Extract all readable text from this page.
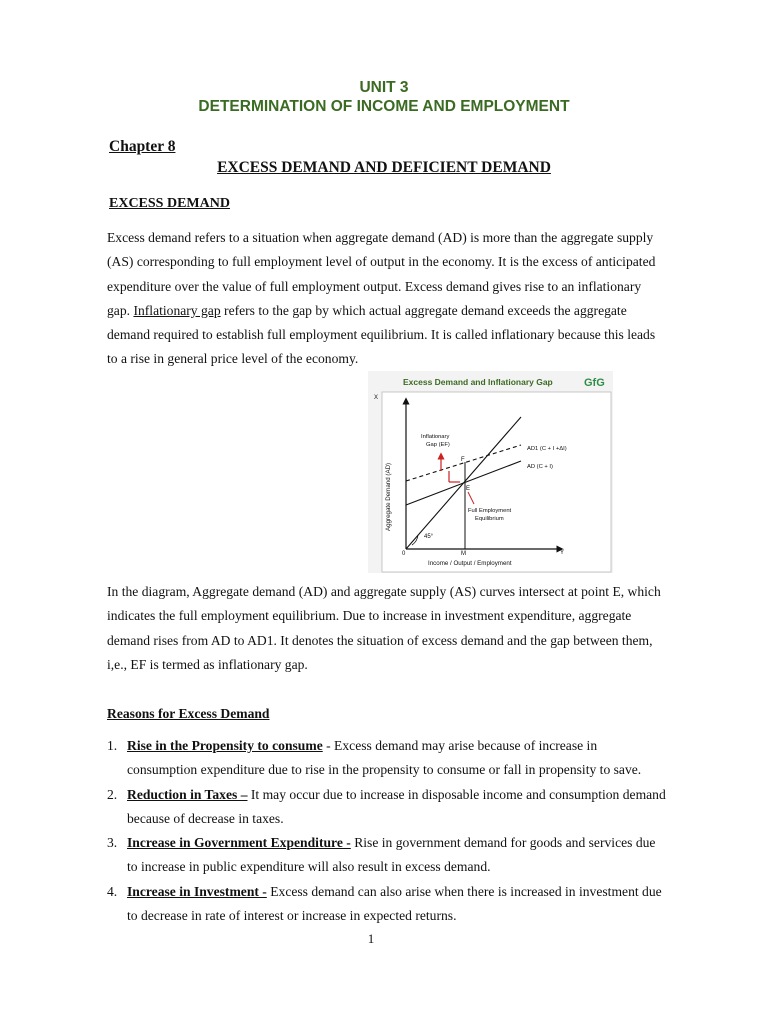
UNIT 3
DETERMINATION OF INCOME AND EMPLOYMENT
Chapter 8
EXCESS DEMAND AND DEFICIENT DEMAND
EXCESS DEMAND
Excess demand refers to a situation when aggregate demand (AD) is more than the aggregate supply (AS) corresponding to full employment level of output in the economy. It is the excess of anticipated expenditure over the value of full employment output. Excess demand gives rise to an inflationary gap. Inflationary gap refers to the gap by which actual aggregate demand exceeds the aggregate demand required to establish full employment equilibrium. It is called inflationary because this leads to a rise in general price level of the economy.
Excess Demand and Inflationary Gap	GfG
X
Y
0
Income / Output / Employment
Aggregate Demand (AD)
45°
Inflationary
Gap (EF)
F
E
M
AD1 (C + I +ΔI)
AD (C + I)
Full Employment
Equilibrium
In the diagram, Aggregate demand (AD) and aggregate supply (AS) curves intersect at point E, which indicates the full employment equilibrium. Due to increase in investment expenditure, aggregate demand rises from AD to AD1. It denotes the situation of excess demand and the gap between them, i,e., EF is termed as inflationary gap.
Reasons for Excess Demand
1. Rise in the Propensity to consume - Excess demand may arise because of increase in consumption expenditure due to rise in the propensity to consume or fall in propensity to save.
2. Reduction in Taxes – It may occur due to increase in disposable income and consumption demand because of decrease in taxes.
3. Increase in Government Expenditure - Rise in government demand for goods and services due to increase in public expenditure will also result in excess demand.
4. Increase in Investment - Excess demand can also arise when there is increased in investment due to decrease in rate of interest or increase in expected returns.
1
